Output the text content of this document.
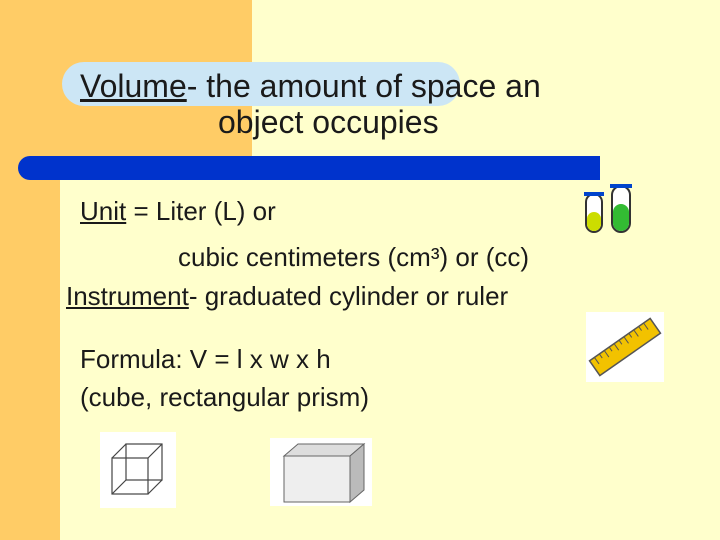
Volume- the amount of space an
object occupies
Unit = Liter (L) or
cubic centimeters (cm³) or (cc)
Instrument- graduated cylinder or ruler
Formula: V = l x w x h
(cube, rectangular prism)
